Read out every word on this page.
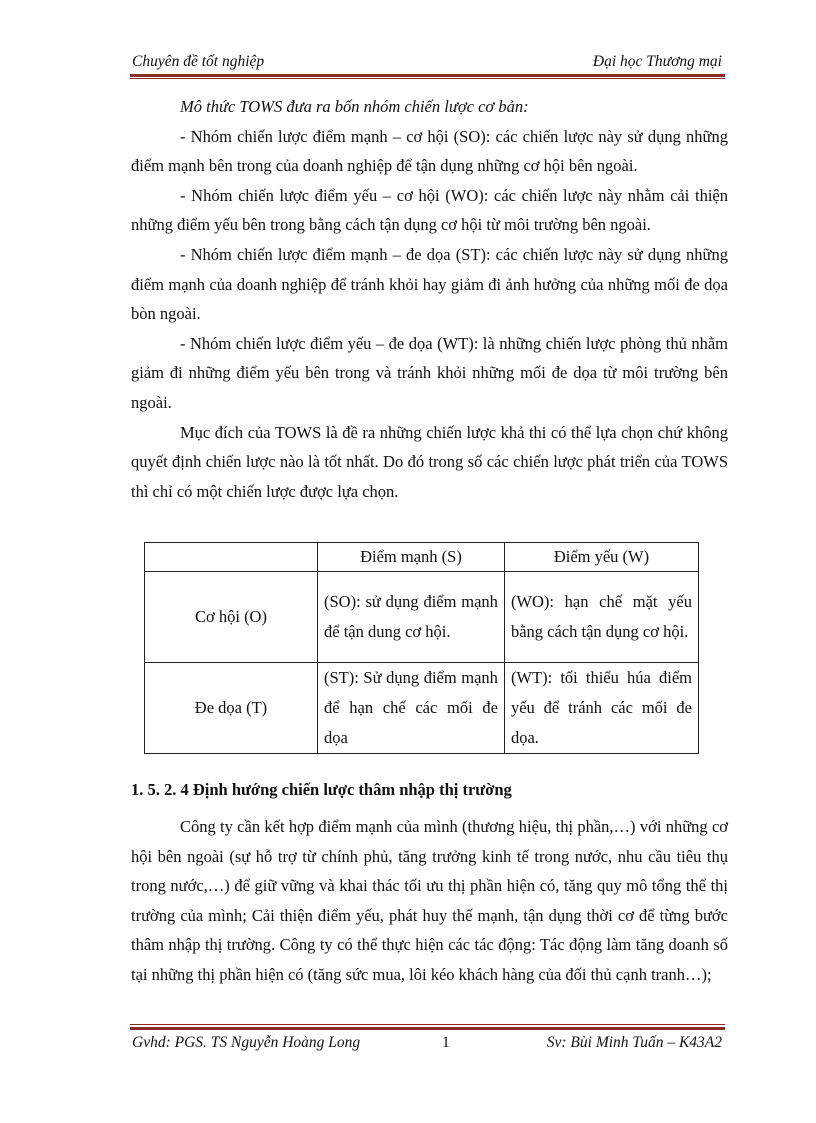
Chuyên đề tốt nghiệp	Đại học Thương mại

Mô thức TOWS đưa ra bốn nhóm chiến lược cơ bản:

- Nhóm chiến lược điểm mạnh – cơ hội (SO): các chiến lược này sử dụng những điểm mạnh bên trong của doanh nghiệp để tận dụng những cơ hội bên ngoài.

- Nhóm chiến lược điểm yếu – cơ hội (WO): các chiến lược này nhằm cải thiện những điểm yếu bên trong bằng cách tận dụng cơ hội từ môi trường bên ngoài.

- Nhóm chiến lược điểm mạnh – đe dọa (ST): các chiến lược này sử dụng những điểm mạnh của doanh nghiệp để tránh khỏi hay giảm đi ảnh hưởng của những mối đe dọa bòn ngoài.

- Nhóm chiến lược điểm yếu – đe dọa (WT): là những chiến lược phòng thủ nhằm giảm đi những điểm yếu bên trong và tránh khỏi những mối đe dọa từ môi trường bên ngoài.

Mục đích của TOWS là đề ra những chiến lược khả thi có thể lựa chọn chứ không quyết định chiến lược nào là tốt nhất. Do đó trong số các chiến lược phát triển của TOWS thì chỉ có một chiến lược được lựa chọn.

	Điểm mạnh (S)	Điểm yếu (W)
Cơ hội (O)	(SO): sử dụng điểm mạnh để tận dung cơ hội.	(WO): hạn chế mặt yếu bằng cách tận dụng cơ hội.
Đe dọa (T)	(ST): Sử dụng điểm mạnh để hạn chế các mối đe dọa	(WT): tối thiểu húa điểm yếu để tránh các mối đe dọa.
1. 5. 2. 4 Định hướng chiến lược thâm nhập thị trường

Công ty cần kết hợp điểm mạnh của mình (thương hiệu, thị phần,…) với những cơ hội bên ngoài (sự hỗ trợ từ chính phủ, tăng trưởng kinh tế trong nước, nhu cầu tiêu thụ trong nước,…) để giữ vững và khai thác tối ưu thị phần hiện có, tăng quy mô tổng thể thị trường của mình; Cải thiện điểm yếu, phát huy thế mạnh, tận dụng thời cơ để từng bước thâm nhập thị trường. Công ty có thể thực hiện các tác động: Tác động làm tăng doanh số tại những thị phần hiện có (tăng sức mua, lôi kéo khách hàng của đối thủ cạnh tranh…);

Gvhd: PGS. TS Nguyễn Hoàng Long	1	Sv: Bùi Minh Tuấn – K43A2
